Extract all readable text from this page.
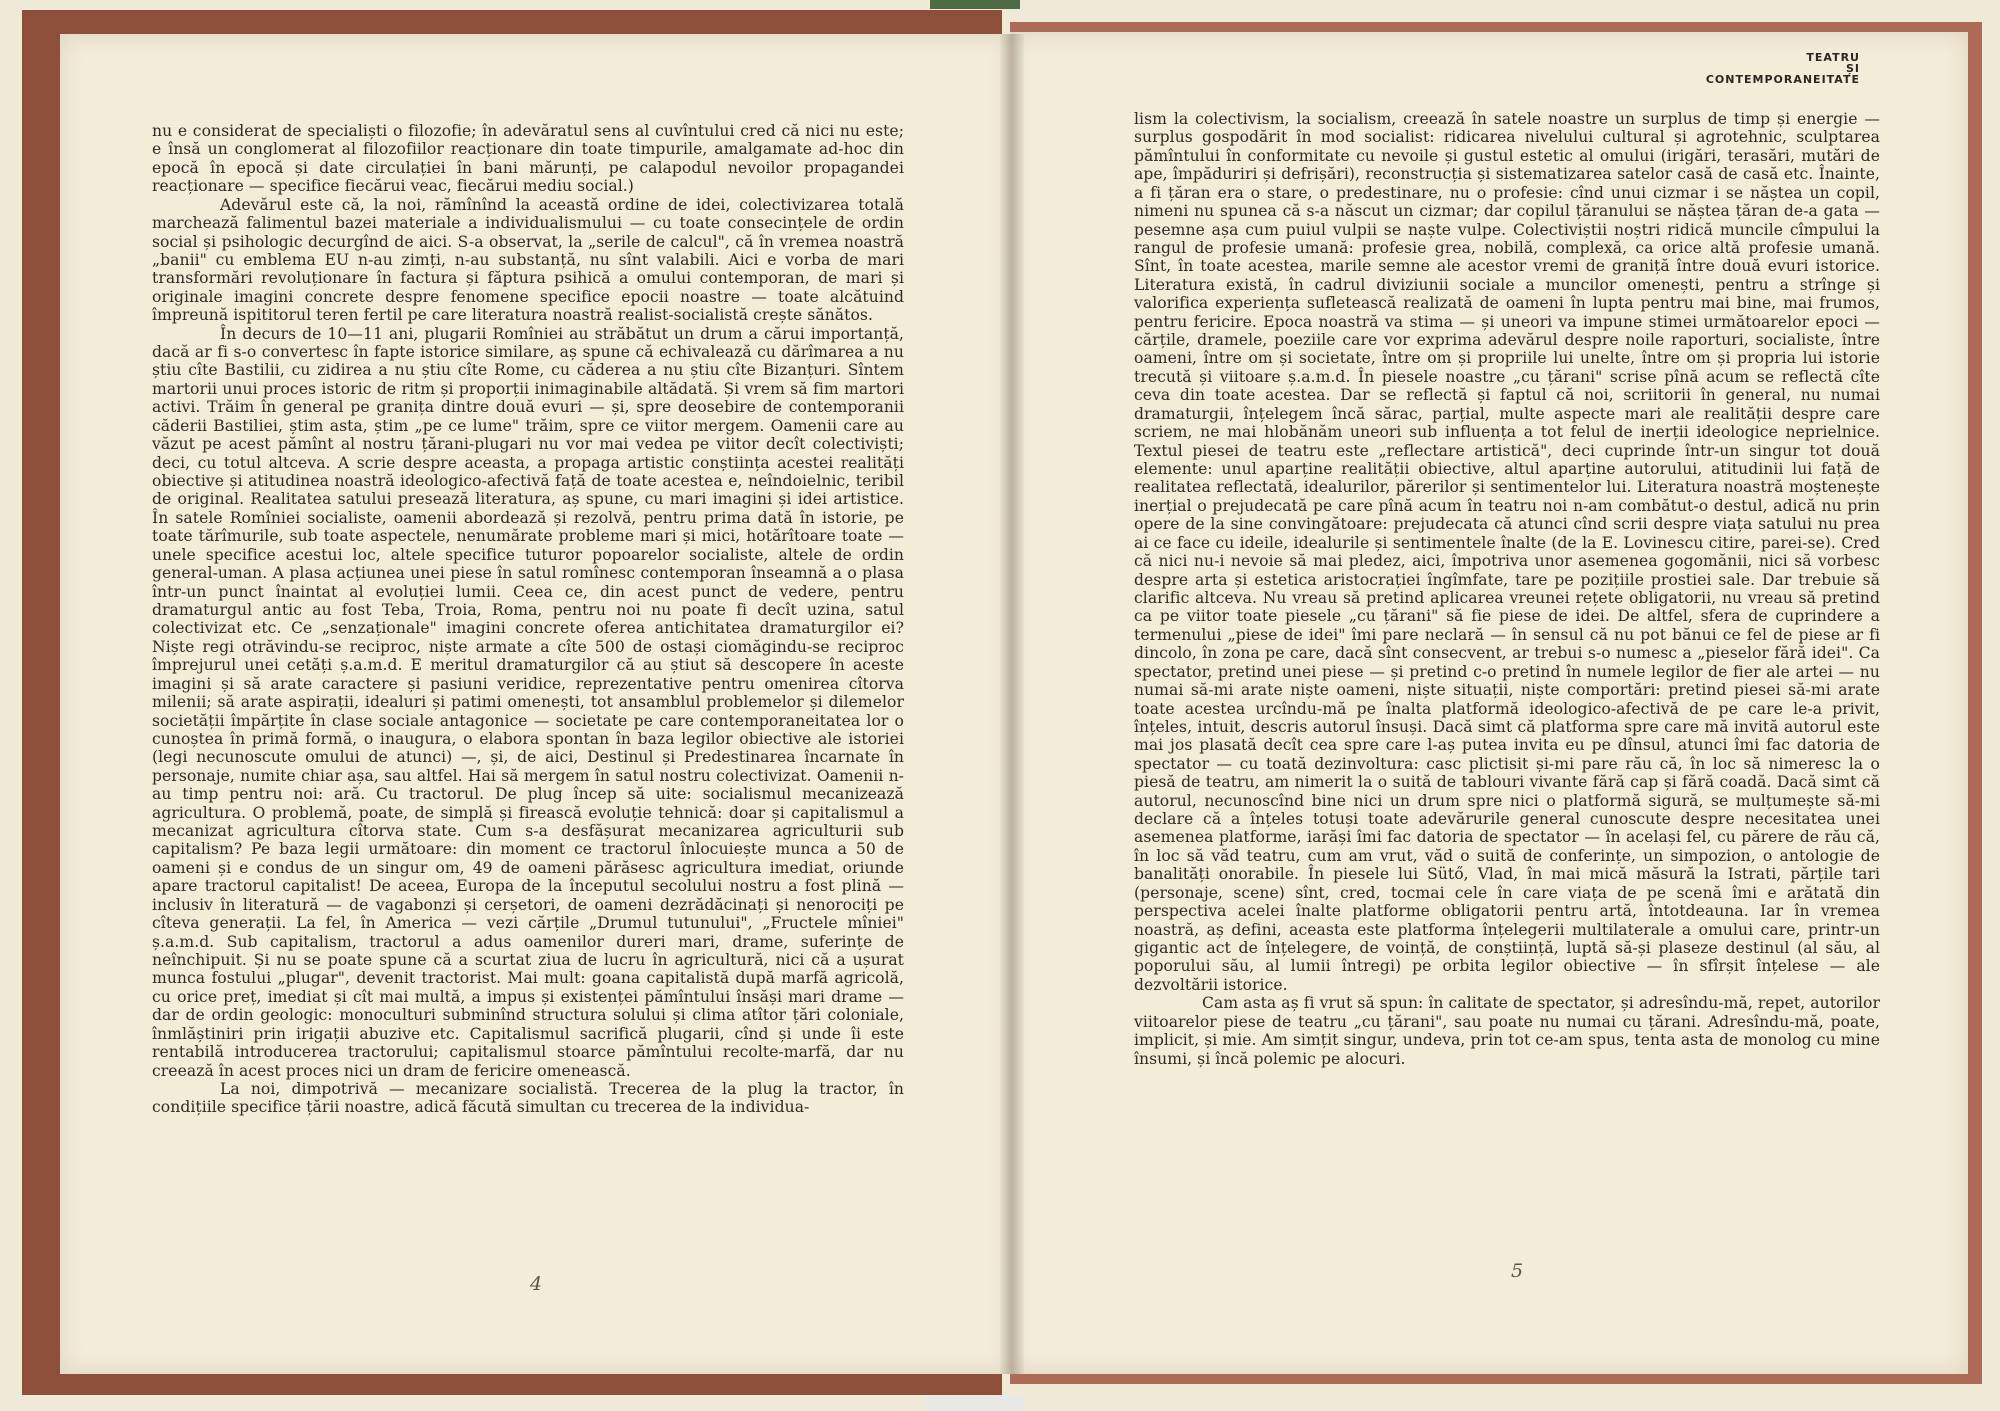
TEATRU
ȘI
CONTEMPORANEITATE

nu e considerat de specialiști o filozofie; în adevăratul sens al cuvîntului cred că nici nu este; e însă un conglomerat al filozofiilor reacționare din toate timpurile, amalgamate ad-hoc din epocă în epocă și date circulației în bani mărunți, pe calapodul nevoilor propagandei reacționare — specifice fiecărui veac, fiecărui mediu social.)

Adevărul este că, la noi, rămînînd la această ordine de idei, colectivizarea totală marchează falimentul bazei materiale a individualismului — cu toate consecințele de ordin social și psihologic decurgînd de aici. S-a observat, la „serile de calcul", că în vremea noastră „banii" cu emblema EU n-au zimți, n-au substanță, nu sînt valabili. Aici e vorba de mari transformări revoluționare în factura și făptura psihică a omului contemporan, de mari și originale imagini concrete despre fenomene specifice epocii noastre — toate alcătuind împreună ispititorul teren fertil pe care literatura noastră realist-socialistă crește sănătos.

În decurs de 10—11 ani, plugarii Romîniei au străbătut un drum a cărui importanță, dacă ar fi s-o convertesc în fapte istorice similare, aș spune că echivalează cu dărîmarea a nu știu cîte Bastilii, cu zidirea a nu știu cîte Rome, cu căderea a nu știu cîte Bizanțuri. Sîntem martorii unui proces istoric de ritm și proporții inimaginabile altădată. Și vrem să fim martori activi. Trăim în general pe granița dintre două evuri — și, spre deosebire de contemporanii căderii Bastiliei, știm asta, știm „pe ce lume" trăim, spre ce viitor mergem. Oamenii care au văzut pe acest pămînt al nostru țărani-plugari nu vor mai vedea pe viitor decît colectiviști; deci, cu totul altceva. A scrie despre aceasta, a propaga artistic conștiința acestei realități obiective și atitudinea noastră ideologico-afectivă față de toate acestea e, neîndoielnic, teribil de original. Realitatea satului presează literatura, aș spune, cu mari imagini și idei artistice. În satele Romîniei socialiste, oamenii abordează și rezolvă, pentru prima dată în istorie, pe toate tărîmurile, sub toate aspectele, nenumărate probleme mari și mici, hotărîtoare toate — unele specifice acestui loc, altele specifice tuturor popoarelor socialiste, altele de ordin general-uman. A plasa acțiunea unei piese în satul romînesc contemporan înseamnă a o plasa într-un punct înaintat al evoluției lumii. Ceea ce, din acest punct de vedere, pentru dramaturgul antic au fost Teba, Troia, Roma, pentru noi nu poate fi decît uzina, satul colectivizat etc. Ce „senzaționale" imagini concrete oferea antichitatea dramaturgilor ei? Niște regi otrăvindu-se reciproc, niște armate a cîte 500 de ostași ciomăgindu-se reciproc împrejurul unei cetăți ș.a.m.d. E meritul dramaturgilor că au știut să descopere în aceste imagini și să arate caractere și pasiuni veridice, reprezentative pentru omenirea cîtorva milenii; să arate aspirații, idealuri și patimi omenești, tot ansamblul problemelor și dilemelor societății împărțite în clase sociale antagonice — societate pe care contemporaneitatea lor o cunoștea în primă formă, o inaugura, o elabora spontan în baza legilor obiective ale istoriei (legi necunoscute omului de atunci) —, și, de aici, Destinul și Predestinarea încarnate în personaje, numite chiar așa, sau altfel. Hai să mergem în satul nostru colectivizat. Oamenii n-au timp pentru noi: ară. Cu tractorul. De plug încep să uite: socialismul mecanizează agricultura. O problemă, poate, de simplă și firească evoluție tehnică: doar și capitalismul a mecanizat agricultura cîtorva state. Cum s-a desfășurat mecanizarea agriculturii sub capitalism? Pe baza legii următoare: din moment ce tractorul înlocuiește munca a 50 de oameni și e condus de un singur om, 49 de oameni părăsesc agricultura imediat, oriunde apare tractorul capitalist! De aceea, Europa de la începutul secolului nostru a fost plină — inclusiv în literatură — de vagabonzi și cerșetori, de oameni dezrădăcinați și nenorociți pe cîteva generații. La fel, în America — vezi cărțile „Drumul tutunului", „Fructele mîniei" ș.a.m.d. Sub capitalism, tractorul a adus oamenilor dureri mari, drame, suferințe de neînchipuit. Și nu se poate spune că a scurtat ziua de lucru în agricultură, nici că a ușurat munca fostului „plugar", devenit tractorist. Mai mult: goana capitalistă după marfă agricolă, cu orice preț, imediat și cît mai multă, a impus și existenței pămîntului însăși mari drame — dar de ordin geologic: monoculturi subminînd structura solului și clima atîtor țări coloniale, înmlăștiniri prin irigații abuzive etc. Capitalismul sacrifică plugarii, cînd și unde îi este rentabilă introducerea tractorului; capitalismul stoarce pămîntului recolte-marfă, dar nu creează în acest proces nici un dram de fericire omenească.

La noi, dimpotrivă — mecanizare socialistă. Trecerea de la plug la tractor, în condițiile specifice țării noastre, adică făcută simultan cu trecerea de la individua-

lism la colectivism, la socialism, creează în satele noastre un surplus de timp și energie — surplus gospodărit în mod socialist: ridicarea nivelului cultural și agrotehnic, sculptarea pămîntului în conformitate cu nevoile și gustul estetic al omului (irigări, terasări, mutări de ape, împăduriri și defrișări), reconstrucția și sistematizarea satelor casă de casă etc. Înainte, a fi țăran era o stare, o predestinare, nu o profesie: cînd unui cizmar i se năștea un copil, nimeni nu spunea că s-a născut un cizmar; dar copilul țăranului se năștea țăran de-a gata — pesemne așa cum puiul vulpii se naște vulpe. Colectiviștii noștri ridică muncile cîmpului la rangul de profesie umană: profesie grea, nobilă, complexă, ca orice altă profesie umană. Sînt, în toate acestea, marile semne ale acestor vremi de graniță între două evuri istorice. Literatura există, în cadrul diviziunii sociale a muncilor omenești, pentru a strînge și valorifica experiența sufletească realizată de oameni în lupta pentru mai bine, mai frumos, pentru fericire. Epoca noastră va stima — și uneori va impune stimei următoarelor epoci — cărțile, dramele, poeziile care vor exprima adevărul despre noile raporturi, socialiste, între oameni, între om și societate, între om și propriile lui unelte, între om și propria lui istorie trecută și viitoare ș.a.m.d. În piesele noastre „cu țărani" scrise pînă acum se reflectă cîte ceva din toate acestea. Dar se reflectă și faptul că noi, scriitorii în general, nu numai dramaturgii, înțelegem încă sărac, parțial, multe aspecte mari ale realității despre care scriem, ne mai hlobănăm uneori sub influența a tot felul de inerții ideologice neprielnice. Textul piesei de teatru este „reflectare artistică", deci cuprinde într-un singur tot două elemente: unul aparține realității obiective, altul aparține autorului, atitudinii lui față de realitatea reflectată, idealurilor, părerilor și sentimentelor lui. Literatura noastră moștenește inerțial o prejudecată pe care pînă acum în teatru noi n-am combătut-o destul, adică nu prin opere de la sine convingătoare: prejudecata că atunci cînd scrii despre viața satului nu prea ai ce face cu ideile, idealurile și sentimentele înalte (de la E. Lovinescu citire, parei-se). Cred că nici nu-i nevoie să mai pledez, aici, împotriva unor asemenea gogomănii, nici să vorbesc despre arta și estetica aristocrației îngîmfate, tare pe pozițiile prostiei sale. Dar trebuie să clarific altceva. Nu vreau să pretind aplicarea vreunei rețete obligatorii, nu vreau să pretind ca pe viitor toate piesele „cu țărani" să fie piese de idei. De altfel, sfera de cuprindere a termenului „piese de idei" îmi pare neclară — în sensul că nu pot bănui ce fel de piese ar fi dincolo, în zona pe care, dacă sînt consecvent, ar trebui s-o numesc a „pieselor fără idei". Ca spectator, pretind unei piese — și pretind c-o pretind în numele legilor de fier ale artei — nu numai să-mi arate niște oameni, niște situații, niște comportări: pretind piesei să-mi arate toate acestea urcîndu-mă pe înalta platformă ideologico-afectivă de pe care le-a privit, înțeles, intuit, descris autorul însuși. Dacă simt că platforma spre care mă invită autorul este mai jos plasată decît cea spre care l-aș putea invita eu pe dînsul, atunci îmi fac datoria de spectator — cu toată dezinvoltura: casc plictisit și-mi pare rău că, în loc să nimeresc la o piesă de teatru, am nimerit la o suită de tablouri vivante fără cap și fără coadă. Dacă simt că autorul, necunoscînd bine nici un drum spre nici o platformă sigură, se mulțumește să-mi declare că a înțeles totuși toate adevărurile general cunoscute despre necesitatea unei asemenea platforme, iarăși îmi fac datoria de spectator — în același fel, cu părere de rău că, în loc să văd teatru, cum am vrut, văd o suită de conferințe, un simpozion, o antologie de banalități onorabile. În piesele lui Sütő, Vlad, în mai mică măsură la Istrati, părțile tari (personaje, scene) sînt, cred, tocmai cele în care viața de pe scenă îmi e arătată din perspectiva acelei înalte platforme obligatorii pentru artă, întotdeauna. Iar în vremea noastră, aș defini, aceasta este platforma înțelegerii multilaterale a omului care, printr-un gigantic act de înțelegere, de voință, de conștiință, luptă să-și plaseze destinul (al său, al poporului său, al lumii întregi) pe orbita legilor obiective — în sfîrșit înțelese — ale dezvoltării istorice.

Cam asta aș fi vrut să spun: în calitate de spectator, și adresîndu-mă, repet, autorilor viitoarelor piese de teatru „cu țărani", sau poate nu numai cu țărani. Adresîndu-mă, poate, implicit, și mie. Am simțit singur, undeva, prin tot ce-am spus, tenta asta de monolog cu mine însumi, și încă polemic pe alocuri.

4
5
